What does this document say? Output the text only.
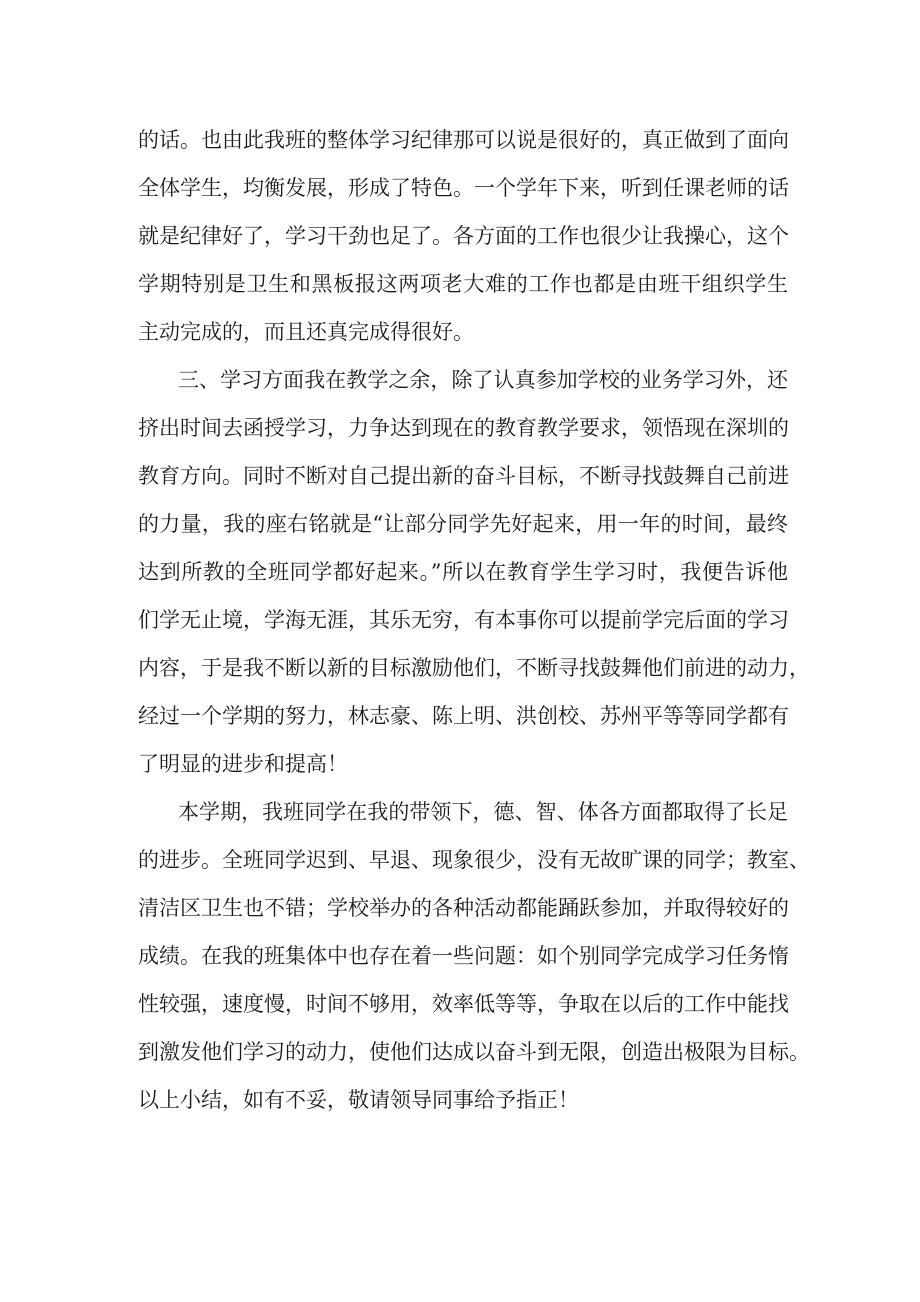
的话。也由此我班的整体学习纪律那可以说是很好的，真正做到了面向
全体学生，均衡发展，形成了特色。一个学年下来，听到任课老师的话
就是纪律好了，学习干劲也足了。各方面的工作也很少让我操心，这个
学期特别是卫生和黑板报这两项老大难的工作也都是由班干组织学生
主动完成的，而且还真完成得很好。
三、学习方面我在教学之余，除了认真参加学校的业务学习外，还
挤出时间去函授学习，力争达到现在的教育教学要求，领悟现在深圳的
教育方向。同时不断对自己提出新的奋斗目标，不断寻找鼓舞自己前进
的力量，我的座右铭就是“让部分同学先好起来，用一年的时间，最终
达到所教的全班同学都好起来。”所以在教育学生学习时，我便告诉他
们学无止境，学海无涯，其乐无穷，有本事你可以提前学完后面的学习
内容，于是我不断以新的目标激励他们，不断寻找鼓舞他们前进的动力，
经过一个学期的努力，林志豪、陈上明、洪创校、苏州平等等同学都有
了明显的进步和提高！
本学期，我班同学在我的带领下，德、智、体各方面都取得了长足
的进步。全班同学迟到、早退、现象很少，没有无故旷课的同学；教室、
清洁区卫生也不错；学校举办的各种活动都能踊跃参加，并取得较好的
成绩。在我的班集体中也存在着一些问题：如个别同学完成学习任务惰
性较强，速度慢，时间不够用，效率低等等，争取在以后的工作中能找
到激发他们学习的动力，使他们达成以奋斗到无限，创造出极限为目标。
以上小结，如有不妥，敬请领导同事给予指正！
